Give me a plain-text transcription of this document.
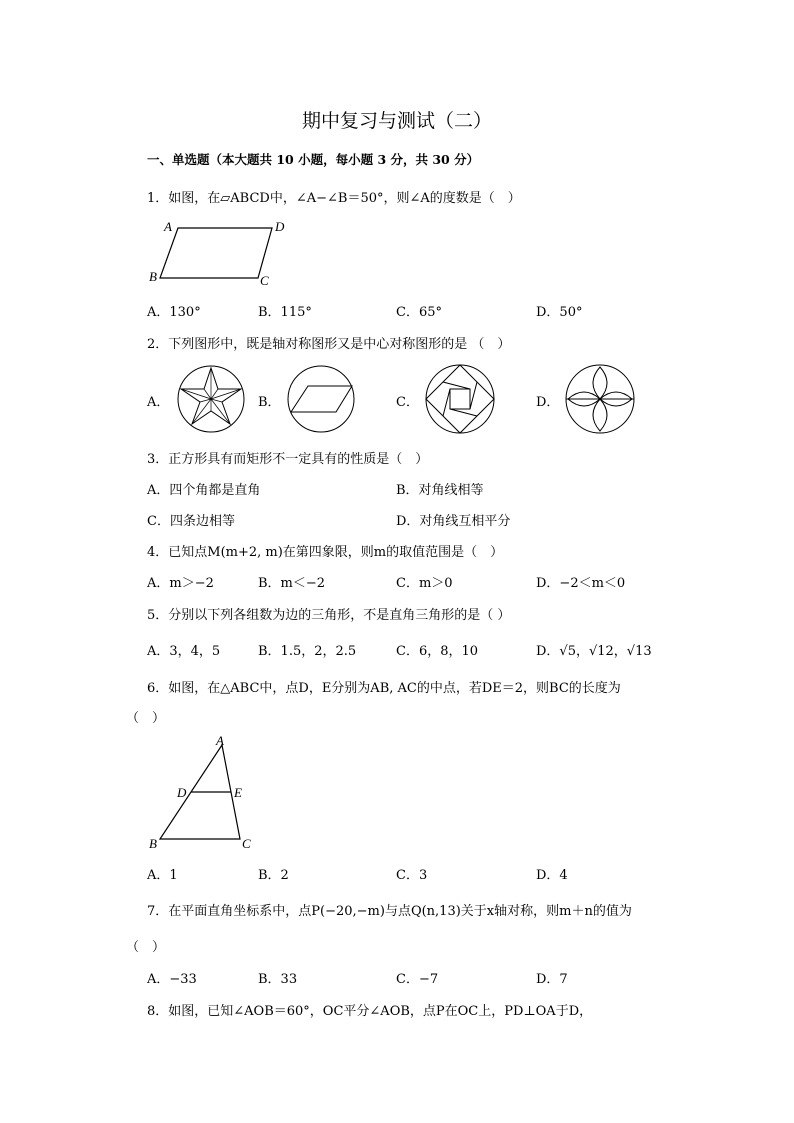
期中复习与测试（二）
一、单选题（本大题共 10 小题，每小题 3 分，共 30 分）
1．如图，在▱ABCD中，∠A−∠B＝50°，则∠A的度数是（　）
A	D
B	C
A．130°	B．115°	C．65°	D．50°
2．下列图形中，既是轴对称图形又是中心对称图形的是 （　）
A．	B．	C．	D．
3．正方形具有而矩形不一定具有的性质是（　）
A．四个角都是直角	B．对角线相等
C．四条边相等	D．对角线互相平分
4．已知点M(m+2, m)在第四象限，则m的取值范围是（　）
A．m＞−2	B．m＜−2	C．m＞0	D．−2＜m＜0
5．分别以下列各组数为边的三角形，不是直角三角形的是（ ）
A．3，4，5	B．1.5，2，2.5	C．6，8，10	D．√5，√12，√13
6．如图，在△ABC中，点D，E分别为AB, AC的中点，若DE＝2，则BC的长度为
（　）
A
D	E
B	C
A．1	B．2	C．3	D．4
7．在平面直角坐标系中，点P(−20,−m)与点Q(n,13)关于x轴对称，则m＋n的值为
（　）
A．−33	B．33	C．−7	D．7
8．如图，已知∠AOB＝60°，OC平分∠AOB，点P在OC上，PD⊥OA于D，
